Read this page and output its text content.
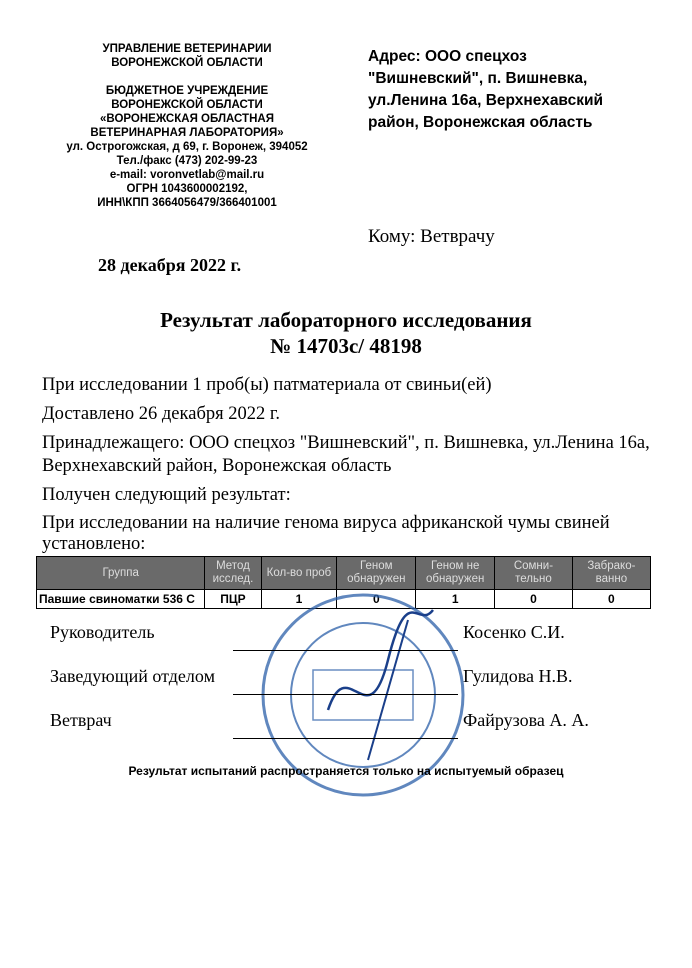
УПРАВЛЕНИЕ ВЕТЕРИНАРИИ
ВОРОНЕЖСКОЙ ОБЛАСТИ
БЮДЖЕТНОЕ УЧРЕЖДЕНИЕ
ВОРОНЕЖСКОЙ ОБЛАСТИ
«ВОРОНЕЖСКАЯ ОБЛАСТНАЯ
ВЕТЕРИНАРНАЯ ЛАБОРАТОРИЯ»
ул. Острогожская, д 69, г. Воронеж, 394052
Тел./факс (473) 202-99-23
e-mail: voronvetlab@mail.ru
ОГРН 1043600002192,
ИНН\КПП 3664056479/366401001
Адрес: ООО спецхоз
"Вишневский", п. Вишневка,
ул.Ленина 16а, Верхнехавский
район, Воронежская область
Кому: Ветврачу
28 декабря 2022 г.
Результат лабораторного исследования
№ 14703с/ 48198

При исследовании 1 проб(ы) патматериала от свиньи(ей)

Доставлено 26 декабря 2022 г.

Принадлежащего: ООО спецхоз "Вишневский", п. Вишневка, ул.Ленина 16а, Верхнехавский район, Воронежская область

Получен следующий результат:

При исследовании на наличие генома вируса африканской чумы свиней установлено:

Группа	Метод исслед.	Кол-во проб	Геном обнаружен	Геном не обнаружен	Сомни-тельно	Забрако-ванно
Павшие свиноматки 536 С	ПЦР	1	0	1	0	0
Руководитель	Косенко С.И.
Заведующий отделом	Гулидова Н.В.
Ветврач	Файрузова А. А.
Результат испытаний распространяется только на испытуемый образец
